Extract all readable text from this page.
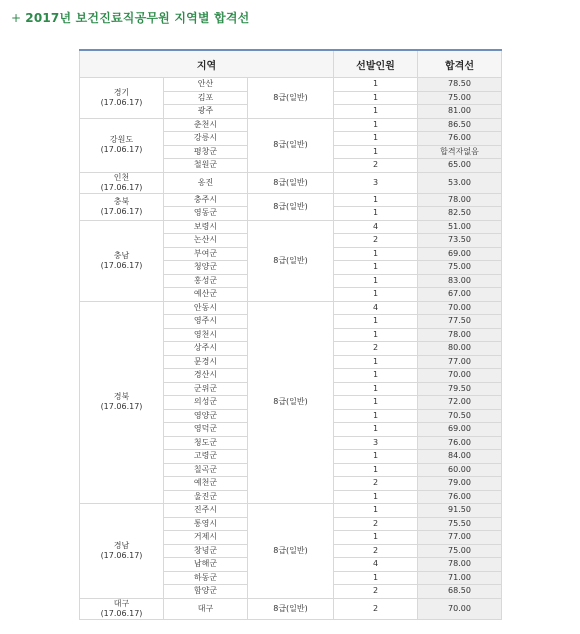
+ 2017년 보건진료직공무원 지역별 합격선
지역			선발인원	합격선

경기
(17.06.17)	안산	8급(일반)	1	78.50
	김포		1	75.00
	광주		1	81.00

강원도
(17.06.17)	춘천시	8급(일반)	1	86.50
	강릉시		1	76.00
	평창군		1	합격자없음
	철원군		2	65.00

인천
(17.06.17)	옹진	8급(일반)	3	53.00

충북
(17.06.17)	충주시	8급(일반)	1	78.00
	영동군		1	82.50

충남
(17.06.17)	보령시	8급(일반)	4	51.00
	논산시		2	73.50
	부여군		1	69.00
	청양군		1	75.00
	홍성군		1	83.00
	예산군		1	67.00

경북
(17.06.17)	안동시	8급(일반)	4	70.00
	영주시		1	77.50
	영천시		1	78.00
	상주시		2	80.00
	문경시		1	77.00
	경산시		1	70.00
	군위군		1	79.50
	의성군		1	72.00
	영양군		1	70.50
	영덕군		1	69.00
	청도군		3	76.00
	고령군		1	84.00
	칠곡군		1	60.00
	예천군		2	79.00
	울진군		1	76.00

경남
(17.06.17)	진주시	8급(일반)	1	91.50
	통영시		2	75.50
	거제시		1	77.00
	창녕군		2	75.00
	남해군		4	78.00
	하동군		1	71.00
	함양군		2	68.50

대구
(17.06.17)	대구	8급(일반)	2	70.00
